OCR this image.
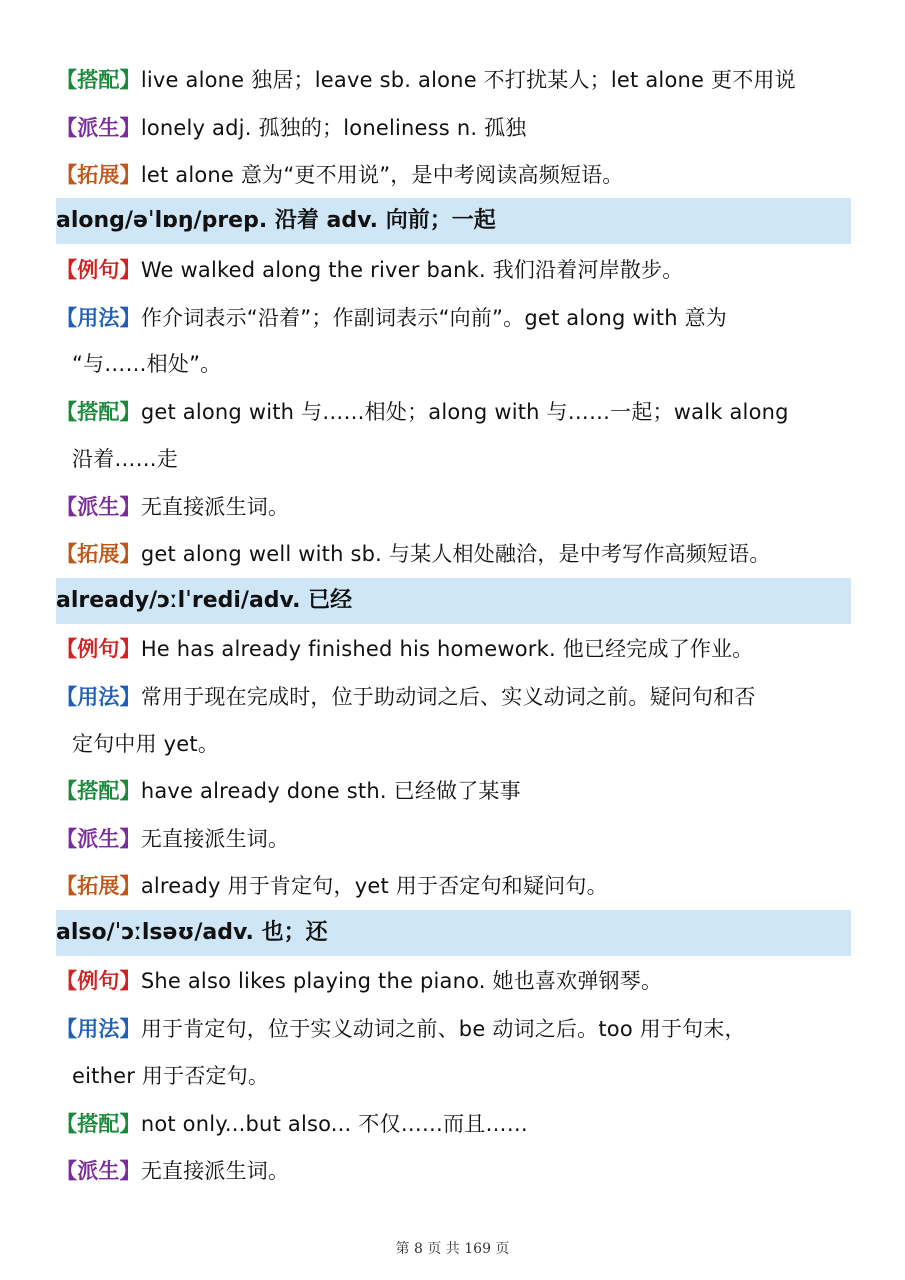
【搭配】live alone 独居；leave sb. alone 不打扰某人；let alone 更不用说
【派生】lonely adj. 孤独的；loneliness n. 孤独
【拓展】let alone 意为“更不用说”，是中考阅读高频短语。
along/əˈlɒŋ/prep. 沿着 adv. 向前；一起
【例句】We walked along the river bank. 我们沿着河岸散步。
【用法】作介词表示“沿着”；作副词表示“向前”。get along with 意为
“与……相处”。
【搭配】get along with 与……相处；along with 与……一起；walk along
沿着……走
【派生】无直接派生词。
【拓展】get along well with sb. 与某人相处融洽，是中考写作高频短语。
already/ɔːlˈredi/adv. 已经
【例句】He has already finished his homework. 他已经完成了作业。
【用法】常用于现在完成时，位于助动词之后、实义动词之前。疑问句和否
定句中用 yet。
【搭配】have already done sth. 已经做了某事
【派生】无直接派生词。
【拓展】already 用于肯定句，yet 用于否定句和疑问句。
also/ˈɔːlsəʊ/adv. 也；还
【例句】She also likes playing the piano. 她也喜欢弹钢琴。
【用法】用于肯定句，位于实义动词之前、be 动词之后。too 用于句末，
either 用于否定句。
【搭配】not only...but also... 不仅……而且……
【派生】无直接派生词。
第 8 页 共 169 页
